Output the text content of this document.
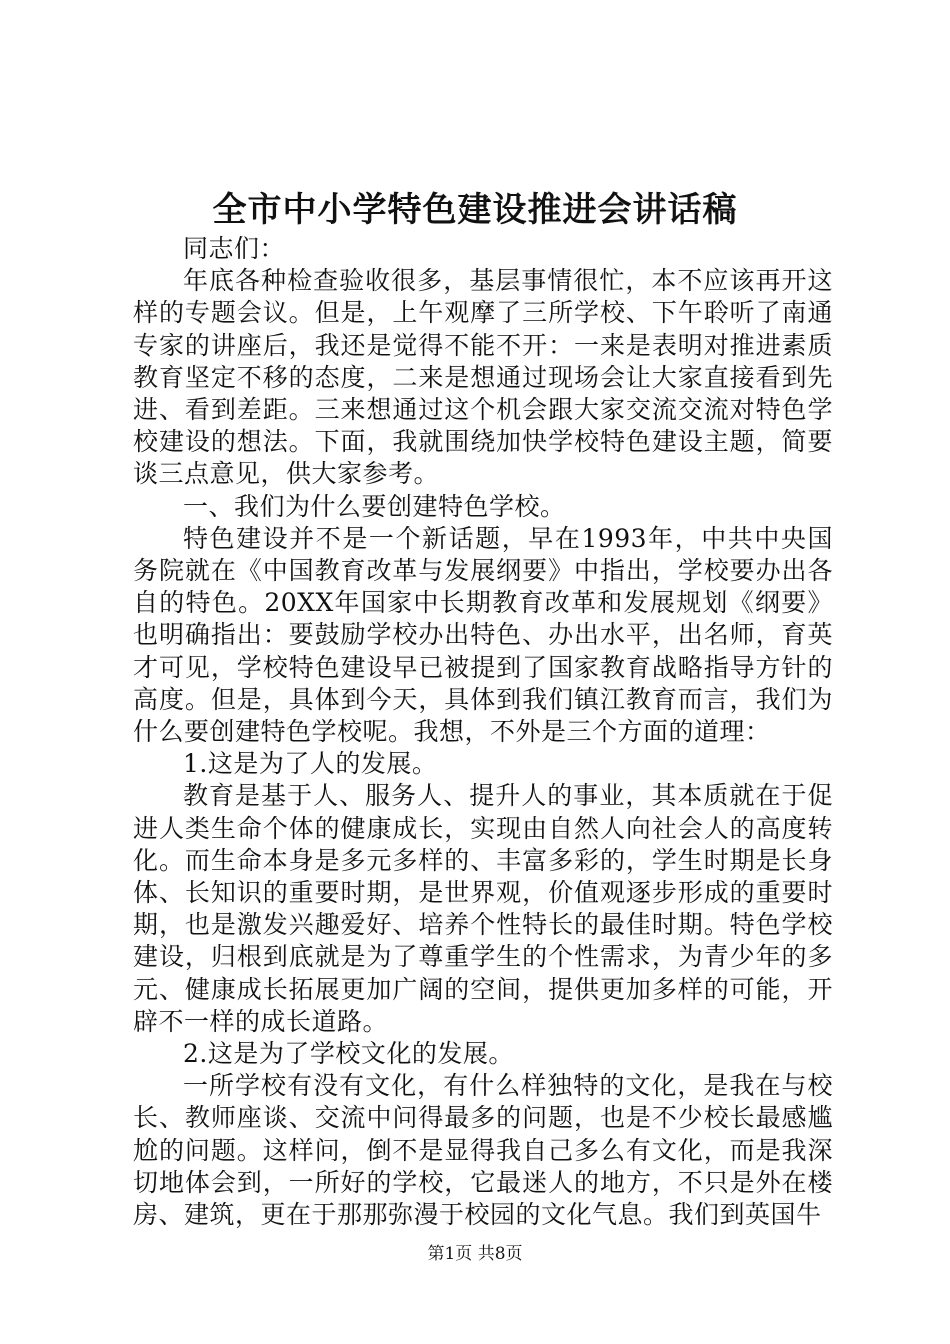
全市中小学特色建设推进会讲话稿

同志们：

年底各种检查验收很多，基层事情很忙，本不应该再开这样的专题会议。但是，上午观摩了三所学校、下午聆听了南通专家的讲座后，我还是觉得不能不开：一来是表明对推进素质教育坚定不移的态度，二来是想通过现场会让大家直接看到先进、看到差距。三来想通过这个机会跟大家交流交流对特色学校建设的想法。下面，我就围绕加快学校特色建设主题，简要谈三点意见，供大家参考。

一、我们为什么要创建特色学校。

特色建设并不是一个新话题，早在1993年，中共中央国务院就在《中国教育改革与发展纲要》中指出，学校要办出各自的特色。20XX年国家中长期教育改革和发展规划《纲要》也明确指出：要鼓励学校办出特色、办出水平，出名师，育英才可见，学校特色建设早已被提到了国家教育战略指导方针的高度。但是，具体到今天，具体到我们镇江教育而言，我们为什么要创建特色学校呢。我想，不外是三个方面的道理：

1.这是为了人的发展。

教育是基于人、服务人、提升人的事业，其本质就在于促进人类生命个体的健康成长，实现由自然人向社会人的高度转化。而生命本身是多元多样的、丰富多彩的，学生时期是长身体、长知识的重要时期，是世界观，价值观逐步形成的重要时期，也是激发兴趣爱好、培养个性特长的最佳时期。特色学校建设，归根到底就是为了尊重学生的个性需求，为青少年的多元、健康成长拓展更加广阔的空间，提供更加多样的可能，开辟不一样的成长道路。

2.这是为了学校文化的发展。

一所学校有没有文化，有什么样独特的文化，是我在与校长、教师座谈、交流中问得最多的问题，也是不少校长最感尴尬的问题。这样问，倒不是显得我自己多么有文化，而是我深切地体会到，一所好的学校，它最迷人的地方，不只是外在楼房、建筑，更在于那那弥漫于校园的文化气息。我们到英国牛

第1页 共8页
